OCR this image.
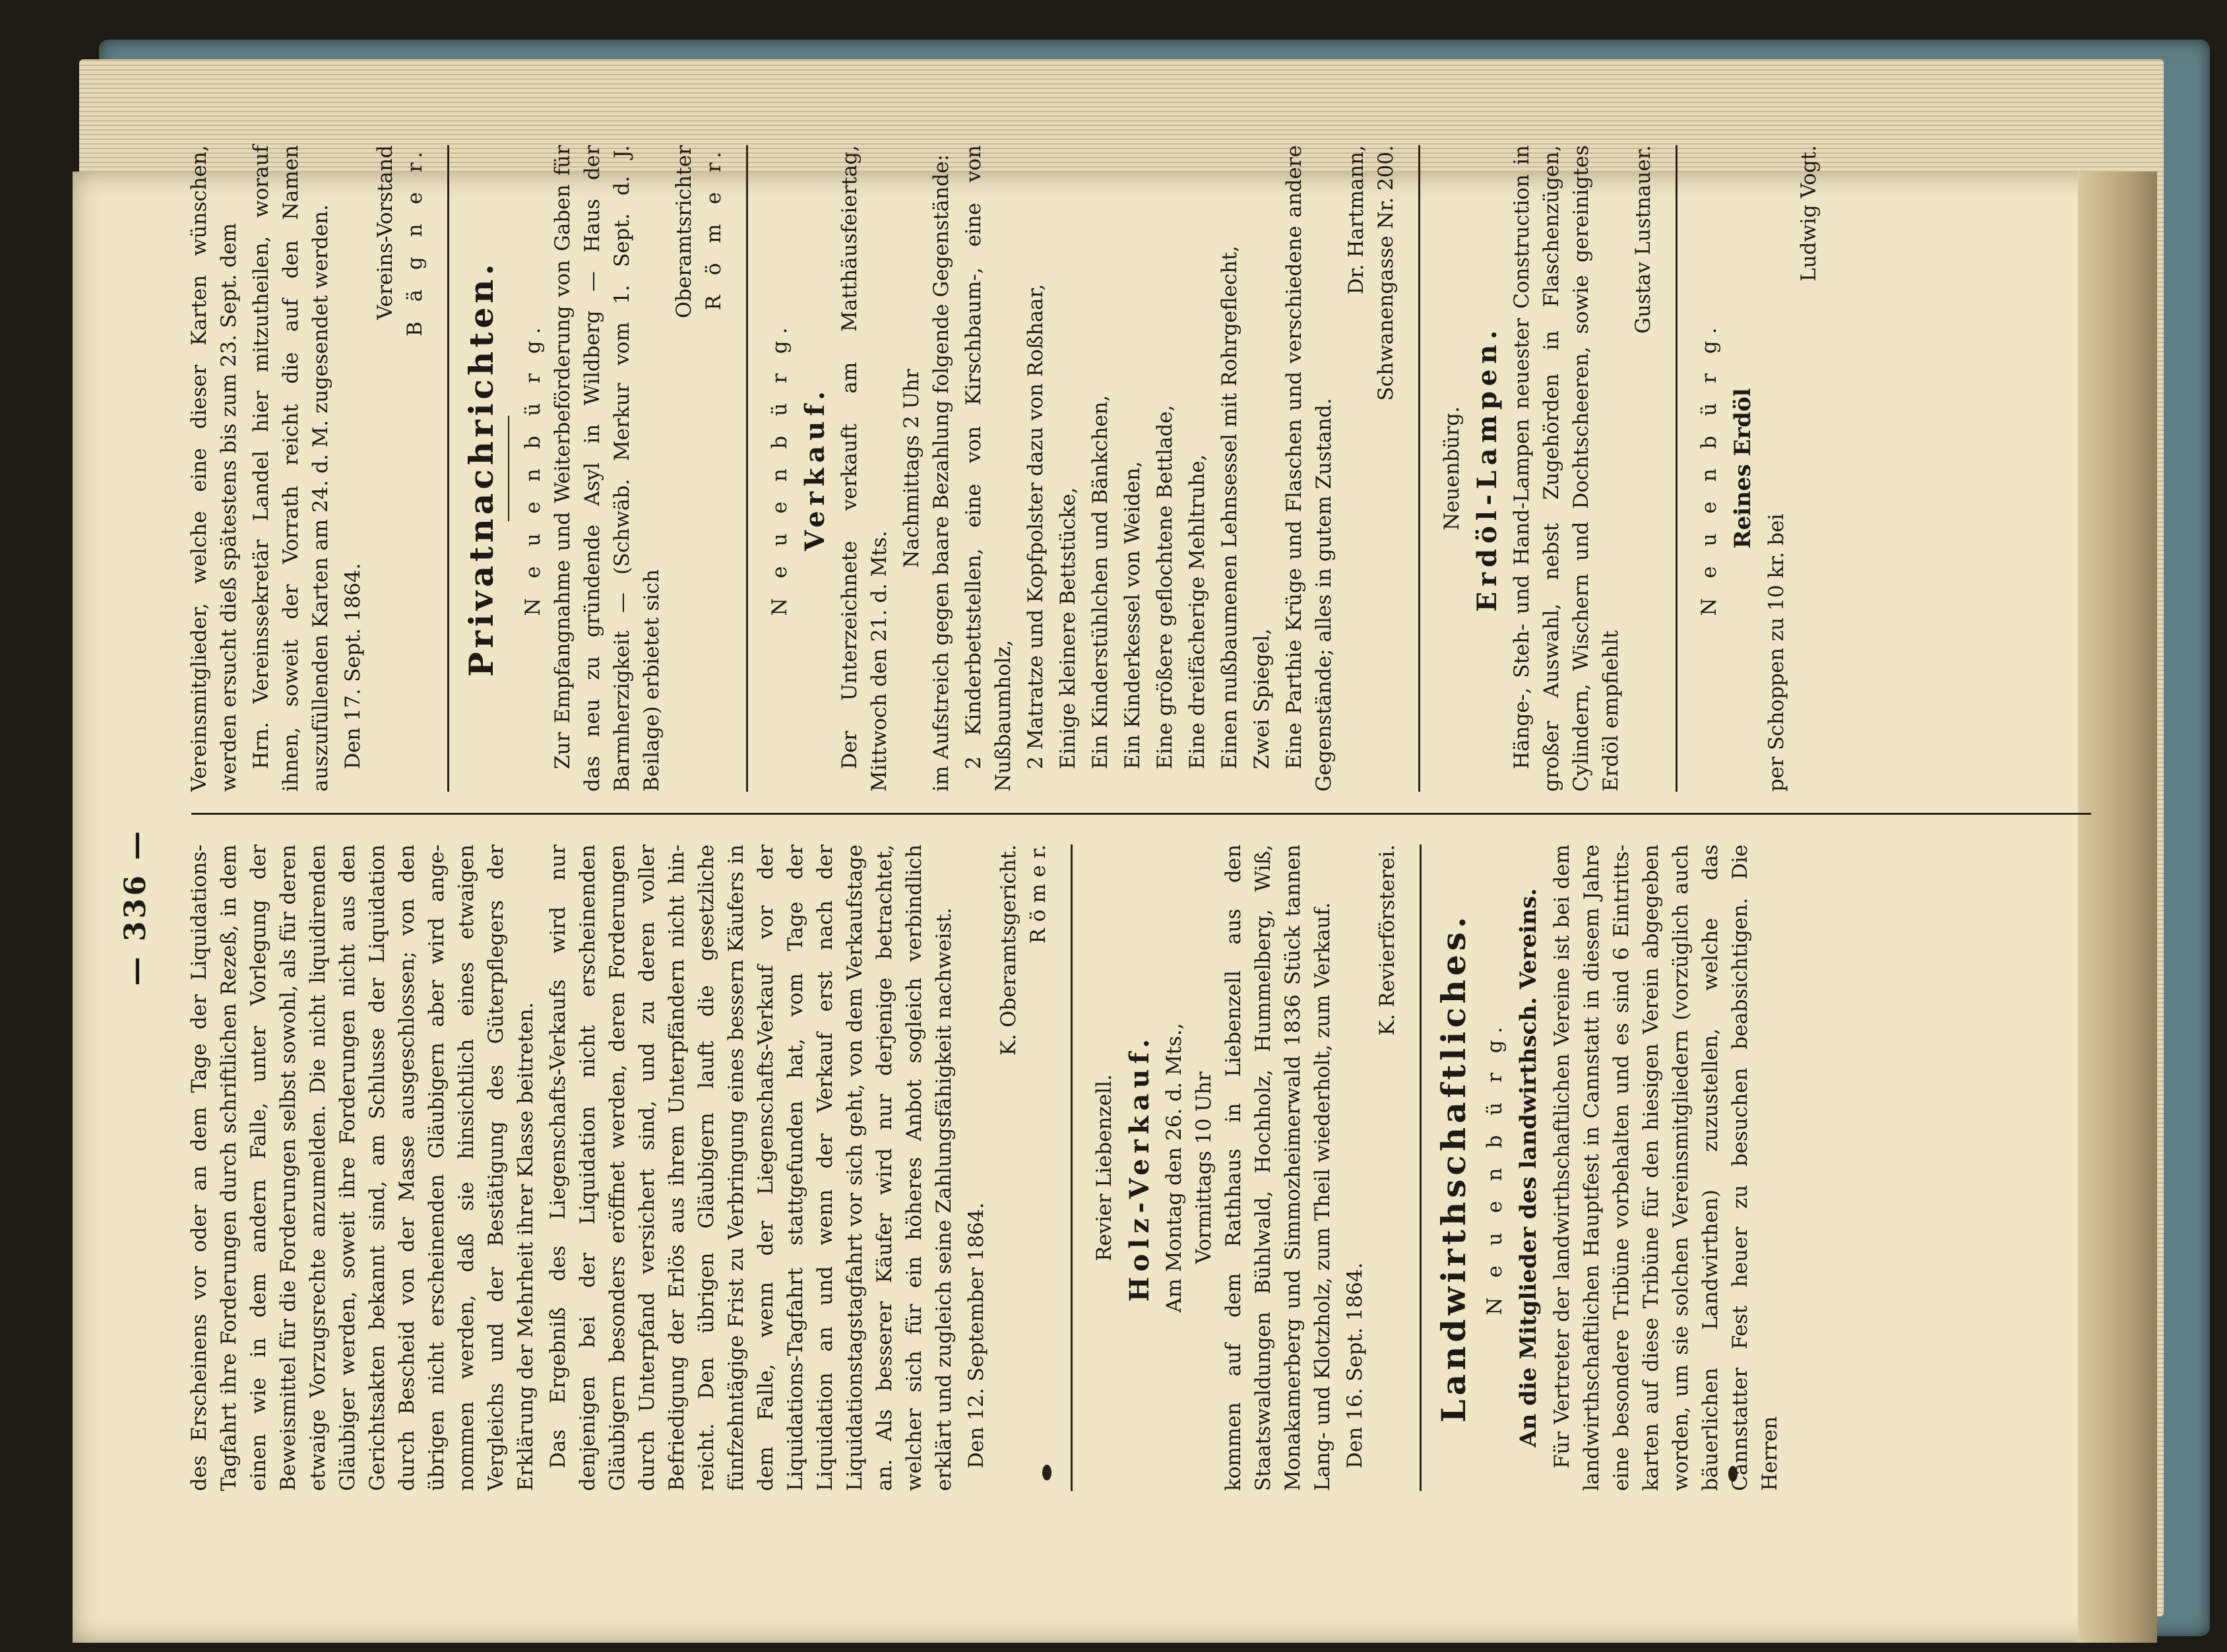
— 336 — des Erscheinens vor oder an dem Tage der Liquidations-Tagfahrt ihre Forderungen durch schriftlichen Rezeß, in dem einen wie in dem andern Falle, unter Vorlegung der Beweismittel für die Forderungen selbst sowohl, als für deren etwaige Vorzugsrechte anzumelden. Die nicht liquidirenden Gläubiger werden, soweit ihre Forderungen nicht aus den Gerichtsakten bekannt sind, am Schlusse der Liquidation durch Bescheid von der Masse ausgeschlossen; von den übrigen nicht erscheinenden Gläubigern aber wird angenommen werden, daß sie hinsichtlich eines etwaigen Vergleichs und der Bestätigung des Güterpflegers der Erklärung der Mehrheit ihrer Klasse beitreten. Das Ergebniß des Liegenschafts-Verkaufs wird nur denjenigen bei der Liquidation nicht erscheinenden Gläubigern besonders eröffnet werden, deren Forderungen durch Unterpfand versichert sind, und zu deren voller Befriedigung der Erlös aus ihrem Unterpfändern nicht hinreicht. Den übrigen Gläubigern lauft die gesetzliche fünfzehntägige Frist zu Verbringung eines bessern Käufers in dem Falle, wenn der Liegenschafts-Verkauf vor der Liquidations-Tagfahrt stattgefunden hat, vom Tage der Liquidation an und wenn der Verkauf erst nach der Liquidationstagstagfahrt vor sich geht, von dem Verkaufstage an. Als besserer Käufer wird nur derjenige betrachtet, welcher sich für ein höheres Anbot sogleich verbindlich erklärt und zugleich seine Zahlungsfähigkeit nachweist. Den 12. September 1864.

K. Oberamtsgericht. R ö m e r.
Revier Liebenzell. Holz-Verkauf. Am Montag den 26. d. Mts., Vormittags 10 Uhr kommen auf dem Rathhaus in Liebenzell aus den Staatswaldungen Bühlwald, Hochholz, Hummelberg, Wiß, Monakamerberg und Simmozheimerwald 1836 Stück tannen Lang- und Klotzholz, zum Theil wiederholt, zum Verkauf. Den 16. Sept. 1864.

K. Revierförsterei. Landwirthschaftliches. N e u e n b ü r g. An die Mitglieder des landwirthsch. Vereins. Für Vertreter der landwirthschaftlichen Vereine ist bei dem landwirthschaftlichen Hauptfest in Cannstatt in diesem Jahre eine besondere Tribüne vorbehalten und es sind 6 Eintrittskarten auf diese Tribüne für den hiesigen Verein abgegeben worden, um sie solchen Vereinsmitgliedern (vorzüglich auch bäuerlichen Landwirthen) zuzustellen, welche das Cannstatter Fest heuer zu besuchen beabsichtigen. Die Herren

Vereinsmitglieder, welche eine dieser Karten wünschen, werden ersucht dieß spätestens bis zum 23. Sept. dem Hrn. Vereinssekretär Landel hier mitzutheilen, worauf ihnen, soweit der Vorrath reicht die auf den Namen auszufüllenden Karten am 24. d. M. zugesendet werden. Den 17. Sept. 1864.

Vereins-Vorstand B ä g n e r.
Privatnachrichten. N e u e n b ü r g. Zur Empfangnahme und Weiterbeförderung von Gaben für das neu zu gründende Asyl in Wildberg — Haus der Barmherzigkeit — (Schwäb. Merkur vom 1. Sept. d. J. Beilage) erbietet sich

Oberamtsrichter R ö m e r.
N e u e n b ü r g. Verkauf. Der Unterzeichnete verkauft am Matthäusfeiertag, Mittwoch den 21. d. Mts.

Nachmittags 2 Uhr im Aufstreich gegen baare Bezahlung folgende Gegenstände: 2 Kinderbettstellen, eine von Kirschbaum-, eine von Nußbaumholz, 2 Matratze und Kopfpolster dazu von Roßhaar, Einige kleinere Bettstücke, Ein Kinderstühlchen und Bänkchen, Ein Kinderkessel von Weiden, Eine größere geflochtene Bettlade, Eine dreifächerige Mehltruhe, Einen nußbaumenen Lehnsessel mit Rohrgeflecht, Zwei Spiegel, Eine Parthie Krüge und Flaschen und verschiedene andere Gegenstände; alles in gutem Zustand.

Dr. Hartmann, Schwanengasse Nr. 200.
Neuenbürg. Erdöl-Lampen. Hänge-, Steh- und Hand-Lampen neuester Construction in großer Auswahl, nebst Zugehörden in Flaschenzügen, Cylindern, Wischern und Dochtscheeren, sowie gereinigtes Erdöl empfiehlt

Gustav Lustnauer.
N e u e n b ü r g. Reines Erdöl

per Schoppen zu 10 kr. bei

Ludwig Vogt.
